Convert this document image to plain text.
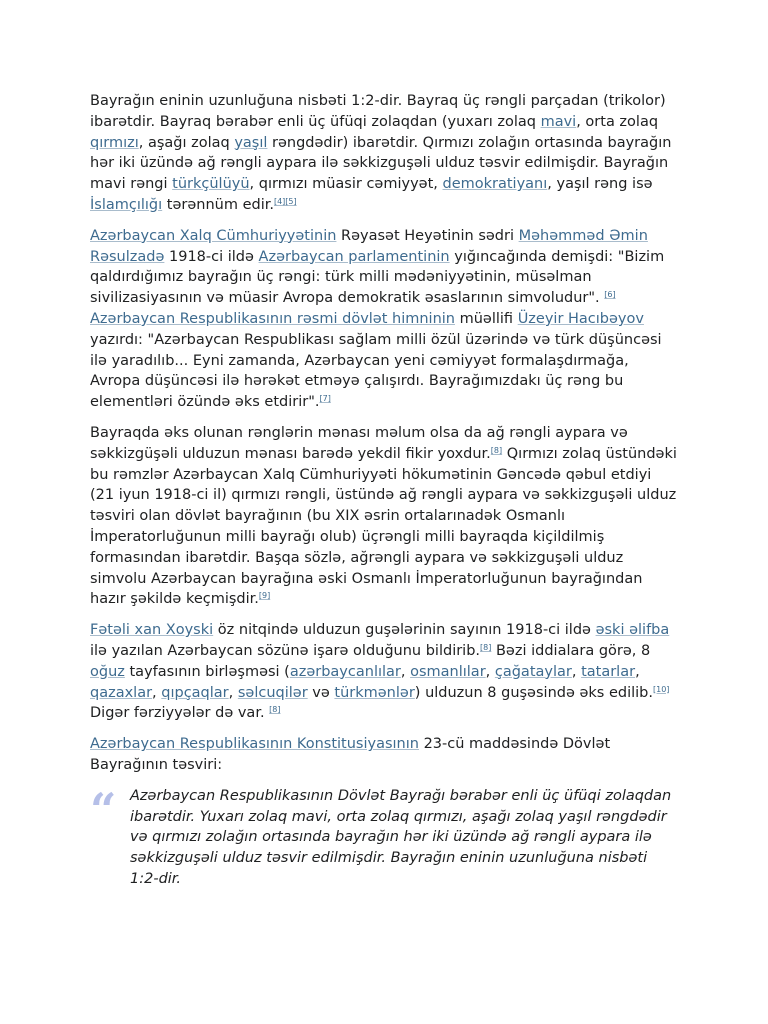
Bayrağın eninin uzunluğuna nisbəti 1:2-dir. Bayraq üç rəngli parçadan (trikolor) ibarətdir. Bayraq bərabər enli üç üfüqi zolaqdan (yuxarı zolaq mavi, orta zolaq qırmızı, aşağı zolaq yaşıl rəngdədir) ibarətdir. Qırmızı zolağın ortasında bayrağın hər iki üzündə ağ rəngli aypara ilə səkkizguşəli ulduz təsvir edilmişdir. Bayrağın mavi rəngi türkçülüyü, qırmızı müasir cəmiyyət, demokratiyanı, yaşıl rəng isə İslamçılığı tərənnüm edir.[4][5]

Azərbaycan Xalq Cümhuriyyətinin Rəyasət Heyətinin sədri Məhəmməd Əmin Rəsulzadə 1918-ci ildə Azərbaycan parlamentinin yığıncağında demişdi: "Bizim qaldırdığımız bayrağın üç rəngi: türk milli mədəniyyətinin, müsəlman sivilizasiyasının və müasir Avropa demokratik əsaslarının simvoludur". [6] Azərbaycan Respublikasının rəsmi dövlət himninin müəllifi Üzeyir Hacıbəyov yazırdı: "Azərbaycan Respublikası sağlam milli özül üzərində və türk düşüncəsi ilə yaradılıb... Eyni zamanda, Azərbaycan yeni cəmiyyət formalaşdırmağa, Avropa düşüncəsi ilə hərəkət etməyə çalışırdı. Bayrağımızdakı üç rəng bu elementləri özündə əks etdirir".[7]

Bayraqda əks olunan rənglərin mənası məlum olsa da ağ rəngli aypara və səkkizgüşəli ulduzun mənası barədə yekdil fikir yoxdur.[8] Qırmızı zolaq üstündəki bu rəmzlər Azərbaycan Xalq Cümhuriyyəti hökumətinin Gəncədə qəbul etdiyi (21 iyun 1918-ci il) qırmızı rəngli, üstündə ağ rəngli aypara və səkkizguşəli ulduz təsviri olan dövlət bayrağının (bu XIX əsrin ortalarınadək Osmanlı İmperatorluğunun milli bayrağı olub) üçrəngli milli bayraqda kiçildilmiş formasından ibarətdir. Başqa sözlə, ağrəngli aypara və səkkizguşəli ulduz simvolu Azərbaycan bayrağına əski Osmanlı İmperatorluğunun bayrağından hazır şəkildə keçmişdir.[9]

Fətəli xan Xoyski öz nitqində ulduzun guşələrinin sayının 1918-ci ildə əski əlifba ilə yazılan Azərbaycan sözünə işarə olduğunu bildirib.[8] Bəzi iddialara görə, 8 oğuz tayfasının birləşməsi (azərbaycanlılar, osmanlılar, çağataylar, tatarlar, qazaxlar, qıpçaqlar, səlcuqilər və türkmənlər) ulduzun 8 guşəsində əks edilib.[10] Digər fərziyyələr də var. [8]

Azərbaycan Respublikasının Konstitusiyasının 23-cü maddəsində Dövlət Bayrağının təsviri:

“ Azərbaycan Respublikasının Dövlət Bayrağı bərabər enli üç üfüqi zolaqdan ibarətdir. Yuxarı zolaq mavi, orta zolaq qırmızı, aşağı zolaq yaşıl rəngdədir və qırmızı zolağın ortasında bayrağın hər iki üzündə ağ rəngli aypara ilə səkkizguşəli ulduz təsvir edilmişdir. Bayrağın eninin uzunluğuna nisbəti 1:2-dir.
